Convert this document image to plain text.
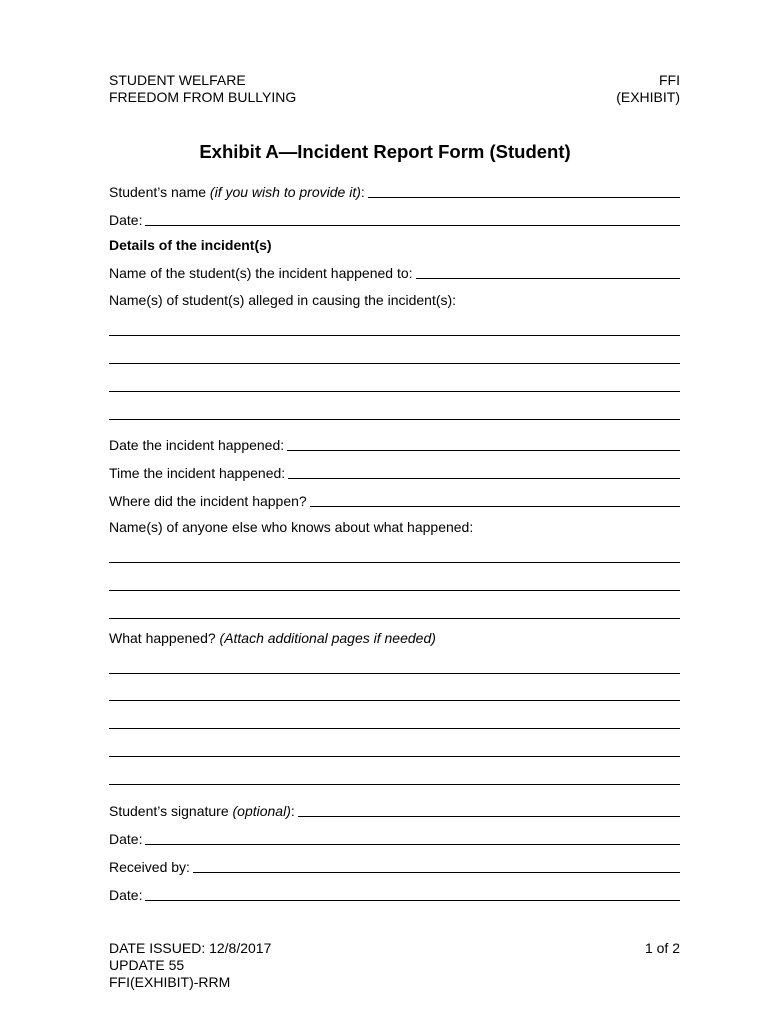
STUDENT WELFARE
FREEDOM FROM BULLYING
FFI
(EXHIBIT)
Exhibit A—Incident Report Form (Student)
Student’s name (if you wish to provide it):
Date:
Details of the incident(s)
Name of the student(s) the incident happened to:
Name(s) of student(s) alleged in causing the incident(s):
Date the incident happened:
Time the incident happened:
Where did the incident happen?
Name(s) of anyone else who knows about what happened:
What happened? (Attach additional pages if needed)
Student’s signature (optional):
Date:
Received by:
Date:
DATE ISSUED: 12/8/2017
UPDATE 55
FFI(EXHIBIT)-RRM
1 of 2
